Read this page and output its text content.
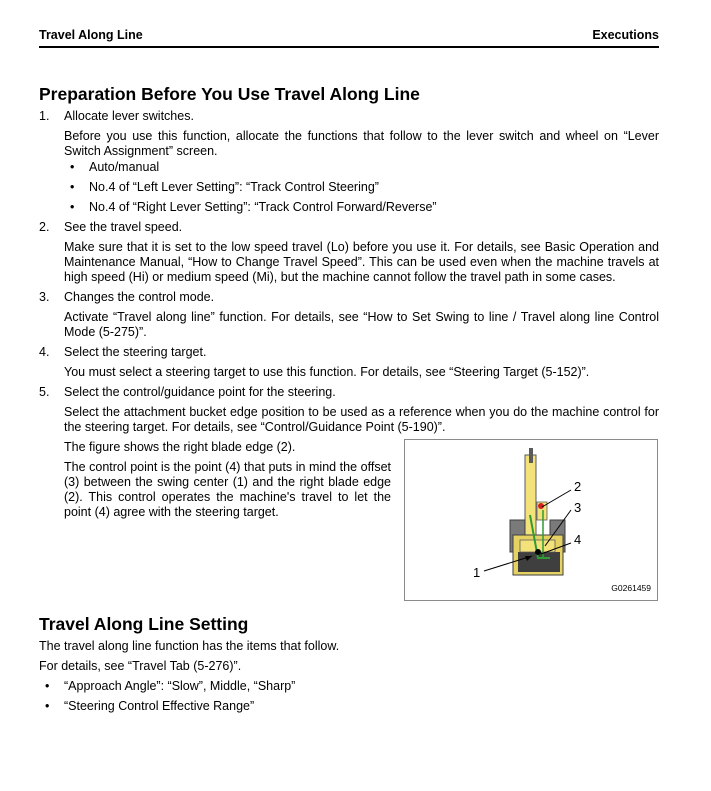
Travel Along Line	Executions
Preparation Before You Use Travel Along Line
1. Allocate lever switches.
Before you use this function, allocate the functions that follow to the lever switch and wheel on “Lever Switch Assignment” screen.
• Auto/manual
• No.4 of “Left Lever Setting”: “Track Control Steering”
• No.4 of “Right Lever Setting”: “Track Control Forward/Reverse”
2. See the travel speed.
Make sure that it is set to the low speed travel (Lo) before you use it. For details, see Basic Operation and Maintenance Manual, “How to Change Travel Speed”. This can be used even when the machine travels at high speed (Hi) or medium speed (Mi), but the machine cannot follow the travel path in some cases.
3. Changes the control mode.
Activate “Travel along line” function. For details, see “How to Set Swing to line / Travel along line Control Mode (5-275)”.
4. Select the steering target.
You must select a steering target to use this function. For details, see “Steering Target (5-152)”.
5. Select the control/guidance point for the steering.
Select the attachment bucket edge position to be used as a reference when you do the machine control for the steering target. For details, see “Control/Guidance Point (5-190)”.
The figure shows the right blade edge (2).
The control point is the point (4) that puts in mind the offset (3) between the swing center (1) and the right blade edge (2). This control operates the machine's travel to let the point (4) agree with the steering target.
2
3
4
1
G0261459
Travel Along Line Setting
The travel along line function has the items that follow.
For details, see “Travel Tab (5-276)”.
• “Approach Angle”: “Slow”, Middle, “Sharp”
• “Steering Control Effective Range”
